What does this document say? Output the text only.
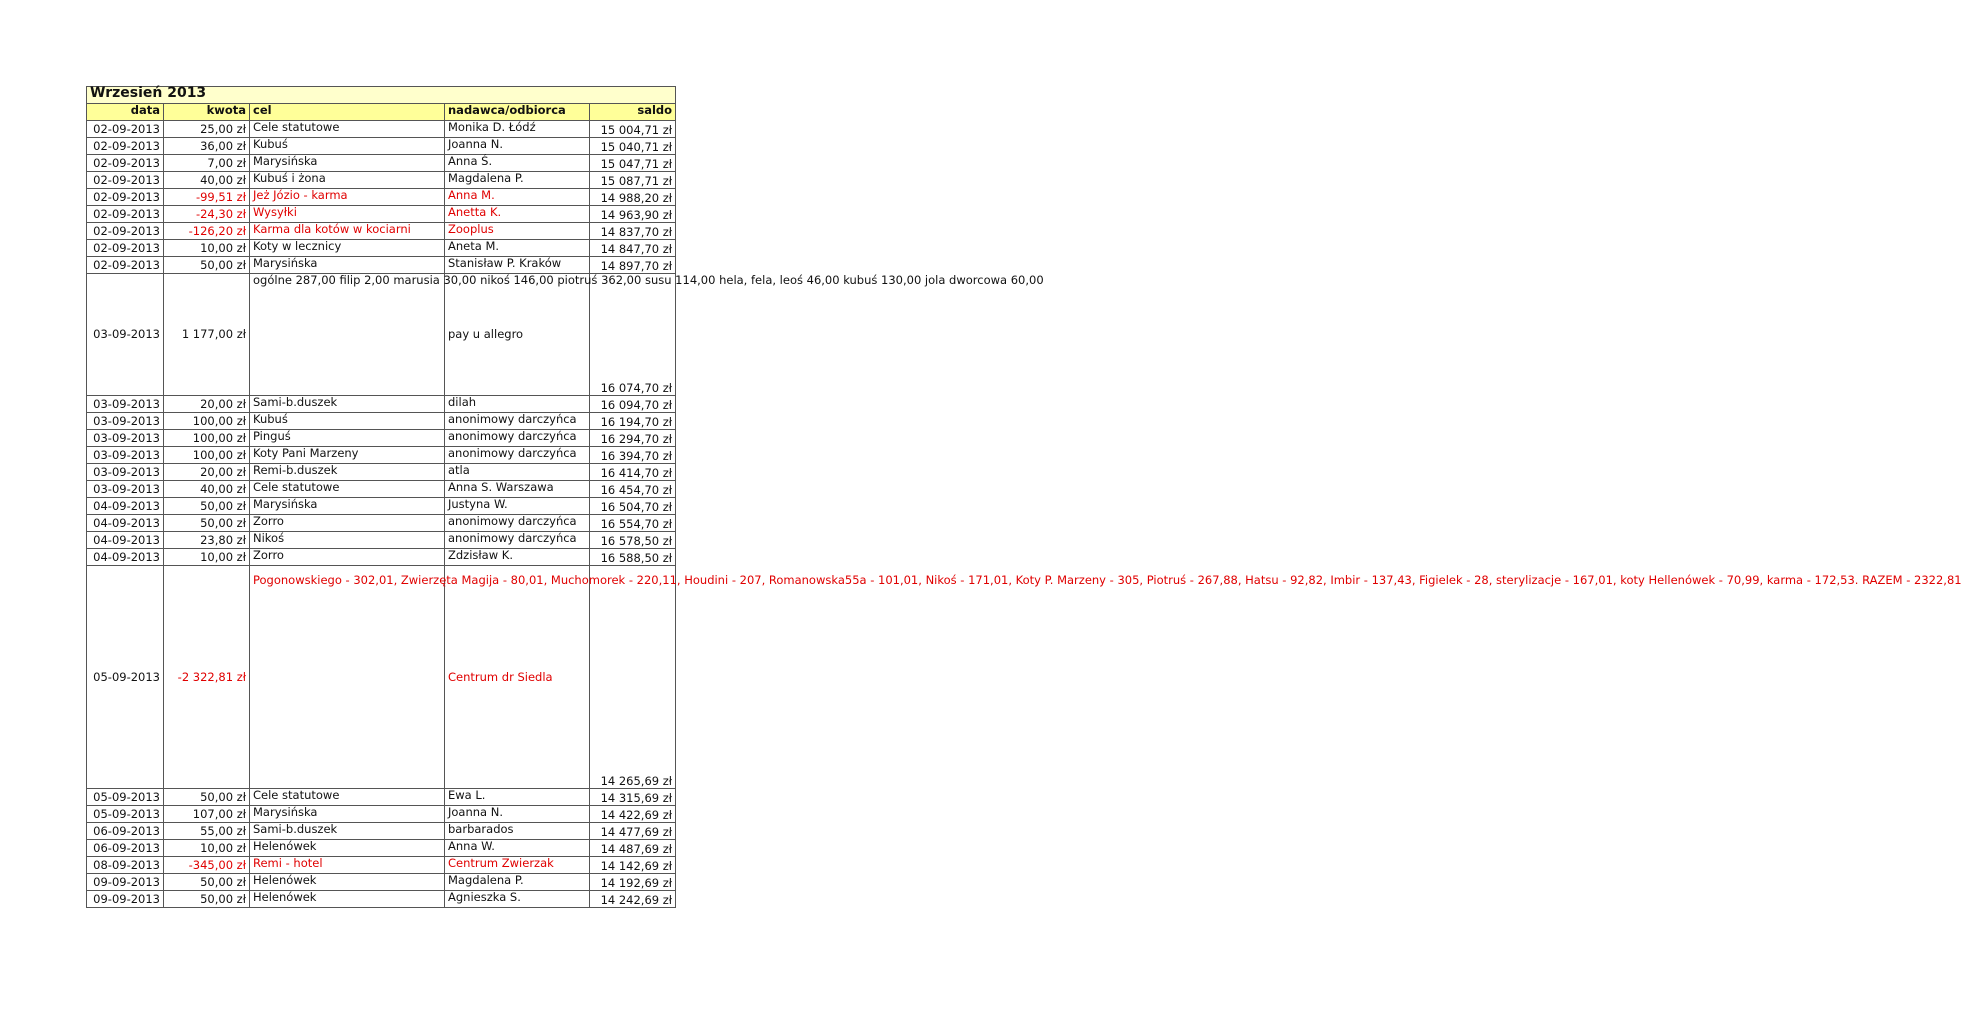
Wrzesień 2013				
data	kwota	cel	nadawca/odbiorca	saldo
02-09-2013	25,00 zł	Cele statutowe	Monika D. Łódź	15 004,71 zł
02-09-2013	36,00 zł	Kubuś	Joanna N.	15 040,71 zł
02-09-2013	7,00 zł	Marysińska	Anna Ś.	15 047,71 zł
02-09-2013	40,00 zł	Kubuś i żona	Magdalena P.	15 087,71 zł
02-09-2013	-99,51 zł	Jeż Józio - karma	Anna M.	14 988,20 zł
02-09-2013	-24,30 zł	Wysyłki	Anetta K.	14 963,90 zł
02-09-2013	-126,20 zł	Karma dla kotów w kociarni	Zooplus	14 837,70 zł
02-09-2013	10,00 zł	Koty w lecznicy	Aneta M.	14 847,70 zł
02-09-2013	50,00 zł	Marysińska	Stanisław P. Kraków	14 897,70 zł
03-09-2013	1 177,00 zł	ogólne 287,00 filip 2,00 marusia 30,00 nikoś 146,00 piotruś 362,00 susu 114,00 hela, fela, leoś 46,00 kubuś 130,00 jola dworcowa 60,00	pay u allegro	16 074,70 zł
03-09-2013	20,00 zł	Sami-b.duszek	dilah	16 094,70 zł
03-09-2013	100,00 zł	Kubuś	anonimowy darczyńca	16 194,70 zł
03-09-2013	100,00 zł	Pinguś	anonimowy darczyńca	16 294,70 zł
03-09-2013	100,00 zł	Koty Pani Marzeny	anonimowy darczyńca	16 394,70 zł
03-09-2013	20,00 zł	Remi-b.duszek	atla	16 414,70 zł
03-09-2013	40,00 zł	Cele statutowe	Anna S. Warszawa	16 454,70 zł
04-09-2013	50,00 zł	Marysińska	Justyna W.	16 504,70 zł
04-09-2013	50,00 zł	Zorro	anonimowy darczyńca	16 554,70 zł
04-09-2013	23,80 zł	Nikoś	anonimowy darczyńca	16 578,50 zł
04-09-2013	10,00 zł	Zorro	Zdzisław K.	16 588,50 zł
05-09-2013	-2 322,81 zł	Pogonowskiego - 302,01, Zwierzęta Magija - 80,01, Muchomorek - 220,11, Houdini - 207, Romanowska55a - 101,01, Nikoś - 171,01, Koty P. Marzeny - 305, Piotruś - 267,88, Hatsu - 92,82, Imbir - 137,43, Figielek - 28, sterylizacje - 167,01, koty Hellenówek - 70,99, karma - 172,53. RAZEM - 2322,81	Centrum dr Siedla	14 265,69 zł
05-09-2013	50,00 zł	Cele statutowe	Ewa L.	14 315,69 zł
05-09-2013	107,00 zł	Marysińska	Joanna N.	14 422,69 zł
06-09-2013	55,00 zł	Sami-b.duszek	barbarados	14 477,69 zł
06-09-2013	10,00 zł	Helenówek	Anna W.	14 487,69 zł
08-09-2013	-345,00 zł	Remi - hotel	Centrum Zwierzak	14 142,69 zł
09-09-2013	50,00 zł	Helenówek	Magdalena P.	14 192,69 zł
09-09-2013	50,00 zł	Helenówek	Agnieszka S.	14 242,69 zł
